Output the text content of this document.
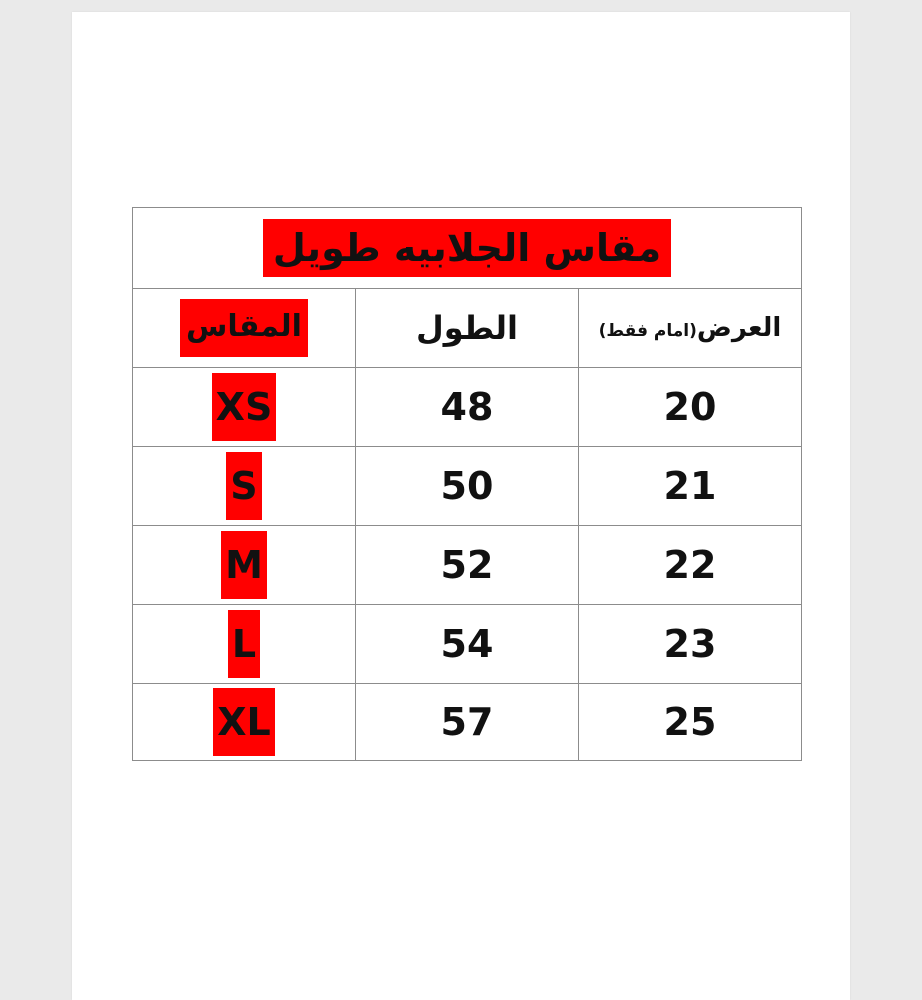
مقاس الجلابيه طويل		
المقاس	الطول	العرض(امام فقط)
XS	48	20
S	50	21
M	52	22
L	54	23
XL	57	25
